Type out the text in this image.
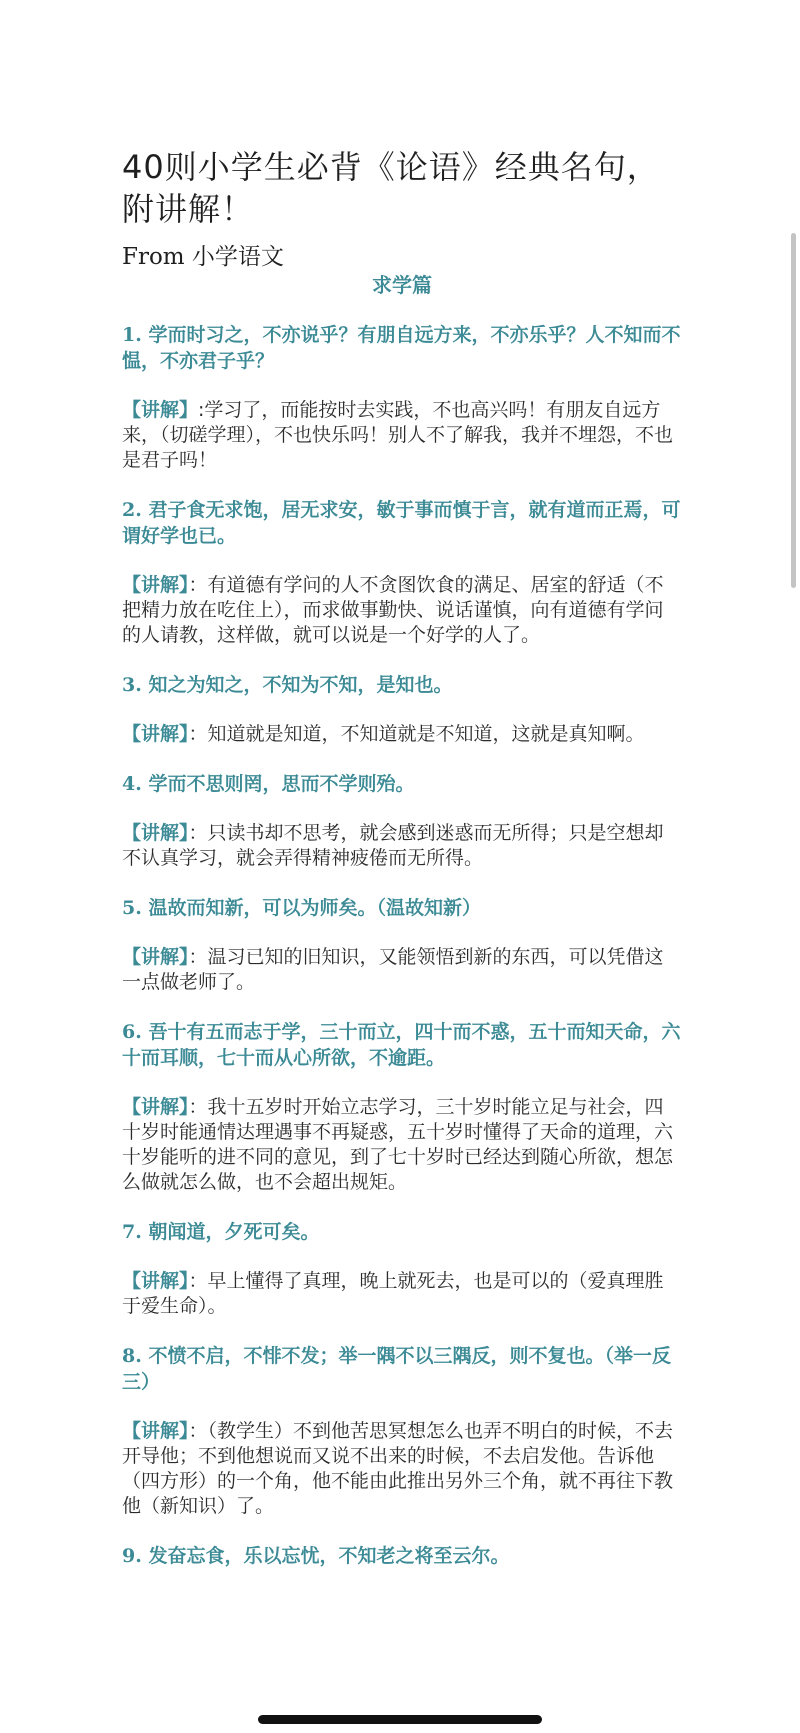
40则小学生必背《论语》经典名句，附讲解！
From 小学语文
求学篇

1. 学而时习之，不亦说乎？有朋自远方来，不亦乐乎？人不知而不愠，不亦君子乎？

【讲解】:学习了，而能按时去实践，不也高兴吗！有朋友自远方来，（切磋学理），不也快乐吗！别人不了解我，我并不埋怨，不也是君子吗！

2. 君子食无求饱，居无求安，敏于事而慎于言，就有道而正焉，可谓好学也已。

【讲解】：有道德有学问的人不贪图饮食的满足、居室的舒适（不把精力放在吃住上），而求做事勤快、说话谨慎，向有道德有学问的人请教，这样做，就可以说是一个好学的人了。

3. 知之为知之，不知为不知，是知也。

【讲解】：知道就是知道，不知道就是不知道，这就是真知啊。

4. 学而不思则罔，思而不学则殆。

【讲解】：只读书却不思考，就会感到迷惑而无所得；只是空想却不认真学习，就会弄得精神疲倦而无所得。

5. 温故而知新，可以为师矣。（温故知新）

【讲解】：温习已知的旧知识，又能领悟到新的东西，可以凭借这一点做老师了。

6. 吾十有五而志于学，三十而立，四十而不惑，五十而知天命，六十而耳顺，七十而从心所欲，不逾距。

【讲解】：我十五岁时开始立志学习，三十岁时能立足与社会，四十岁时能通情达理遇事不再疑惑，五十岁时懂得了天命的道理，六十岁能听的进不同的意见，到了七十岁时已经达到随心所欲，想怎么做就怎么做，也不会超出规矩。

7. 朝闻道，夕死可矣。

【讲解】：早上懂得了真理，晚上就死去，也是可以的（爱真理胜于爱生命）。

8. 不愤不启，不悱不发；举一隅不以三隅反，则不复也。（举一反三）

【讲解】：（教学生）不到他苦思冥想怎么也弄不明白的时候，不去开导他；不到他想说而又说不出来的时候，不去启发他。告诉他（四方形）的一个角，他不能由此推出另外三个角，就不再往下教他（新知识）了。

9. 发奋忘食，乐以忘忧，不知老之将至云尔。
